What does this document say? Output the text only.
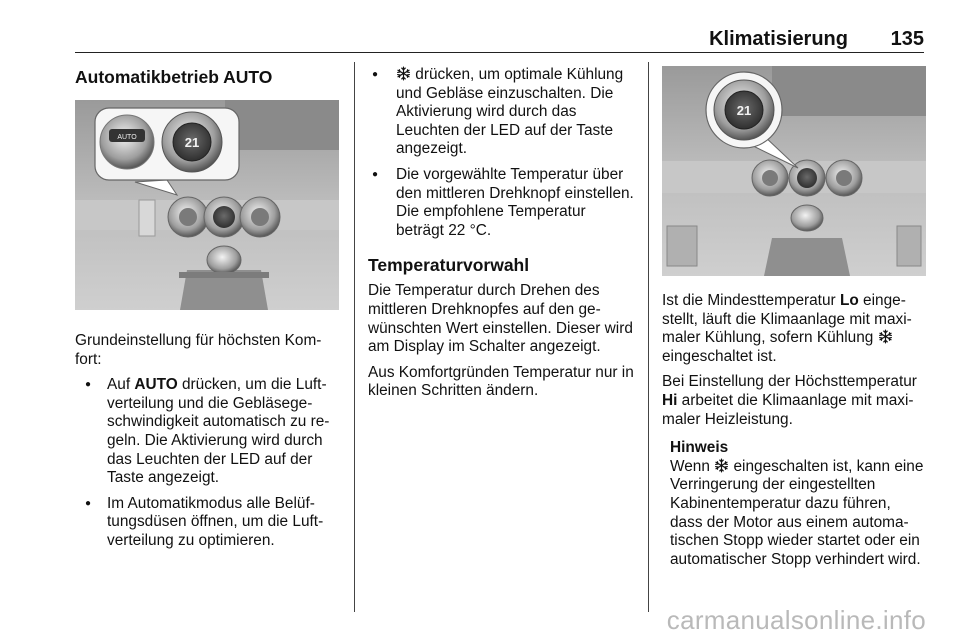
Klimatisierung 135
Automatikbetrieb AUTO
AUTO	21

Grundeinstellung für höchsten Komfort:

● Auf AUTO drücken, um die Luftverteilung und die Gebläsegeschwindigkeit automatisch zu regeln. Die Aktivierung wird durch das Leuchten der LED auf der Taste angezeigt.
● Im Automatikmodus alle Belüftungsdüsen öffnen, um die Luftverteilung zu optimieren.
● drücken, um optimale Kühlung und Gebläse einzuschalten. Die Aktivierung wird durch das Leuchten der LED auf der Taste angezeigt.
● Die vorgewählte Temperatur über den mittleren Drehknopf einstellen. Die empfohlene Temperatur beträgt 22 °C.
Temperaturvorwahl

Die Temperatur durch Drehen des mittleren Drehknopfes auf den gewünschten Wert einstellen. Dieser wird am Display im Schalter angezeigt.

Aus Komfortgründen Temperatur nur in kleinen Schritten ändern.

21

Ist die Mindesttemperatur Lo eingestellt, läuft die Klimaanlage mit maximaler Kühlung, sofern Kühlung  eingeschaltet ist.

Bei Einstellung der Höchsttemperatur Hi arbeitet die Klimaanlage mit maximaler Heizleistung.

Hinweis
Wenn  eingeschalten ist, kann eine Verringerung der eingestellten Kabinentemperatur dazu führen, dass der Motor aus einem automatischen Stopp wieder startet oder ein automatischer Stopp verhindert wird.
carmanualsonline.info
